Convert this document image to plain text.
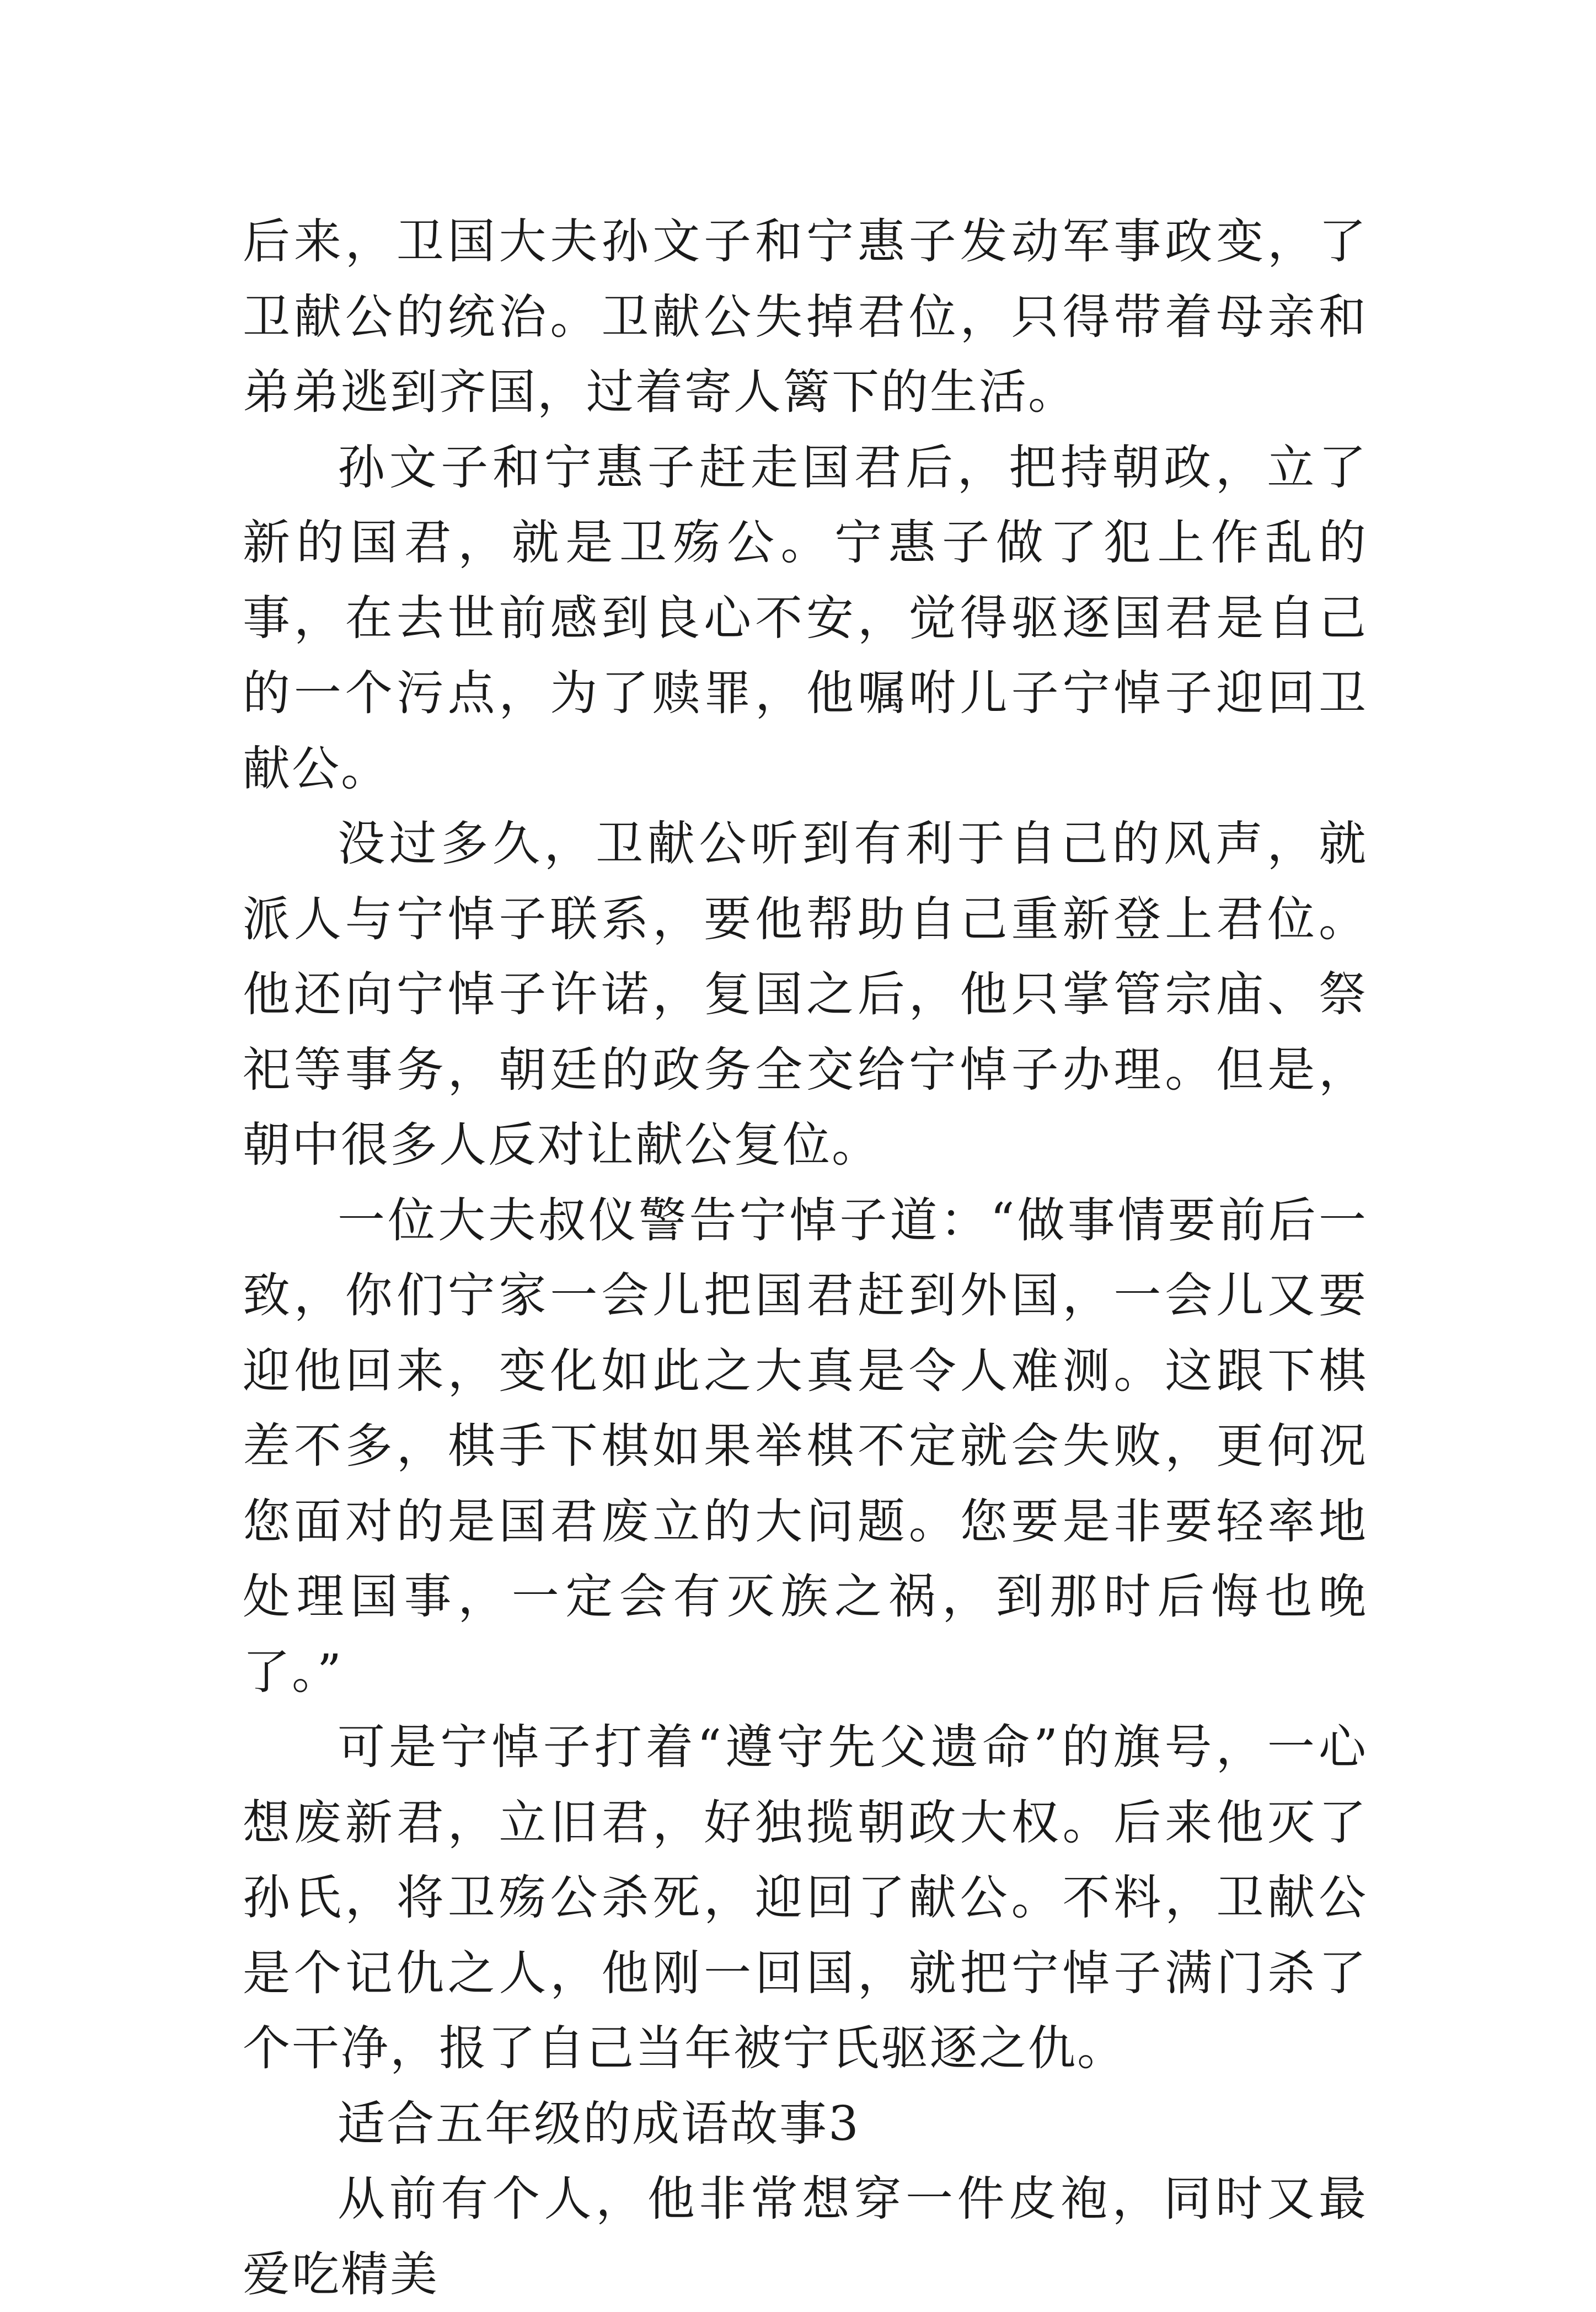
后来，卫国大夫孙文子和宁惠子发动军事政变，了卫献公的统治。卫献公失掉君位，只得带着母亲和弟弟逃到齐国，过着寄人篱下的生活。

孙文子和宁惠子赶走国君后，把持朝政，立了新的国君，就是卫殇公。宁惠子做了犯上作乱的事，在去世前感到良心不安，觉得驱逐国君是自己的一个污点，为了赎罪，他嘱咐儿子宁悼子迎回卫献公。

没过多久，卫献公听到有利于自己的风声，就派人与宁悼子联系，要他帮助自己重新登上君位。他还向宁悼子许诺，复国之后，他只掌管宗庙、祭祀等事务，朝廷的政务全交给宁悼子办理。但是，朝中很多人反对让献公复位。

一位大夫叔仪警告宁悼子道：“做事情要前后一致，你们宁家一会儿把国君赶到外国，一会儿又要迎他回来，变化如此之大真是令人难测。这跟下棋差不多，棋手下棋如果举棋不定就会失败，更何况您面对的是国君废立的大问题。您要是非要轻率地处理国事，一定会有灭族之祸，到那时后悔也晚了。”

可是宁悼子打着“遵守先父遗命”的旗号，一心想废新君，立旧君，好独揽朝政大权。后来他灭了孙氏，将卫殇公杀死，迎回了献公。不料，卫献公是个记仇之人，他刚一回国，就把宁悼子满门杀了个干净，报了自己当年被宁氏驱逐之仇。

适合五年级的成语故事3

从前有个人，他非常想穿一件皮袍，同时又最爱吃精美
